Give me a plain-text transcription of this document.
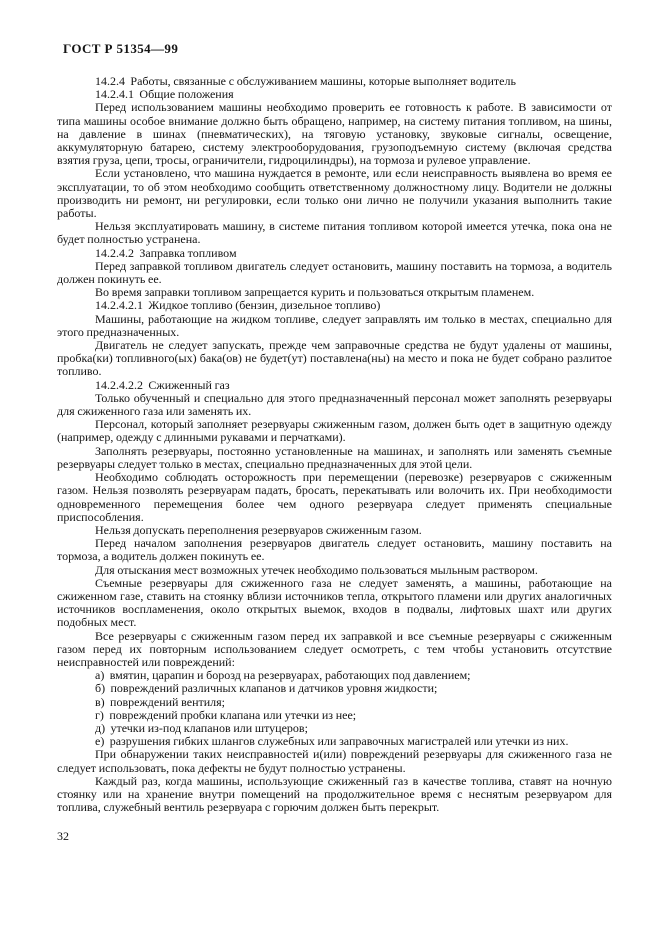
ГОСТ Р 51354—99

14.2.4  Работы, связанные с обслуживанием машины, которые выполняет водитель

14.2.4.1  Общие положения

Перед использованием машины необходимо проверить ее готовность к работе. В зависимости от типа машины особое внимание должно быть обращено, например, на систему питания топливом, на шины, на давление в шинах (пневматических), на тяговую установку, звуковые сигналы, освещение, аккумуляторную батарею, систему электрооборудования, грузоподъемную систему (включая средства взятия груза, цепи, тросы, ограничители, гидроцилиндры), на тормоза и рулевое управление.

Если установлено, что машина нуждается в ремонте, или если неисправность выявлена во время ее эксплуатации, то об этом необходимо сообщить ответственному должностному лицу. Водители не должны производить ни ремонт, ни регулировки, если только они лично не получили указания выполнить такие работы.

Нельзя эксплуатировать машину, в системе питания топливом которой имеется утечка, пока она не будет полностью устранена.

14.2.4.2  Заправка топливом

Перед заправкой топливом двигатель следует остановить, машину поставить на тормоза, а водитель должен покинуть ее.

Во время заправки топливом запрещается курить и пользоваться открытым пламенем.

14.2.4.2.1  Жидкое топливо (бензин, дизельное топливо)

Машины, работающие на жидком топливе, следует заправлять им только в местах, специально для этого предназначенных.

Двигатель не следует запускать, прежде чем заправочные средства не будут удалены от машины, пробка(ки) топливного(ых) бака(ов) не будет(ут) поставлена(ны) на место и пока не будет собрано разлитое топливо.

14.2.4.2.2  Сжиженный газ

Только обученный и специально для этого предназначенный персонал может заполнять резервуары для сжиженного газа или заменять их.

Персонал, который заполняет резервуары сжиженным газом, должен быть одет в защитную одежду (например, одежду с длинными рукавами и перчатками).

Заполнять резервуары, постоянно установленные на машинах, и заполнять или заменять съемные резервуары следует только в местах, специально предназначенных для этой цели.

Необходимо соблюдать осторожность при перемещении (перевозке) резервуаров с сжиженным газом. Нельзя позволять резервуарам падать, бросать, перекатывать или волочить их. При необходимости одновременного перемещения более чем одного резервуара следует применять специальные приспособления.

Нельзя допускать переполнения резервуаров сжиженным газом.

Перед началом заполнения резервуаров двигатель следует остановить, машину поставить на тормоза, а водитель должен покинуть ее.

Для отыскания мест возможных утечек необходимо пользоваться мыльным раствором.

Съемные резервуары для сжиженного газа не следует заменять, а машины, работающие на сжиженном газе, ставить на стоянку вблизи источников тепла, открытого пламени или других аналогичных источников воспламенения, около открытых выемок, входов в подвалы, лифтовых шахт или других подобных мест.

Все резервуары с сжиженным газом перед их заправкой и все съемные резервуары с сжиженным газом перед их повторным использованием следует осмотреть, с тем чтобы установить отсутствие неисправностей или повреждений:

а)  вмятин, царапин и борозд на резервуарах, работающих под давлением;

б)  повреждений различных клапанов и датчиков уровня жидкости;

в)  повреждений вентиля;

г)  повреждений пробки клапана или утечки из нее;

д)  утечки из-под клапанов или штуцеров;

е)  разрушения гибких шлангов служебных или заправочных магистралей или утечки из них.

При обнаружении таких неисправностей и(или) повреждений резервуары для сжиженного газа не следует использовать, пока дефекты не будут полностью устранены.

Каждый раз, когда машины, использующие сжиженный газ в качестве топлива, ставят на ночную стоянку или на хранение внутри помещений на продолжительное время с неснятым резервуаром для топлива, служебный вентиль резервуара с горючим должен быть перекрыт.

32
